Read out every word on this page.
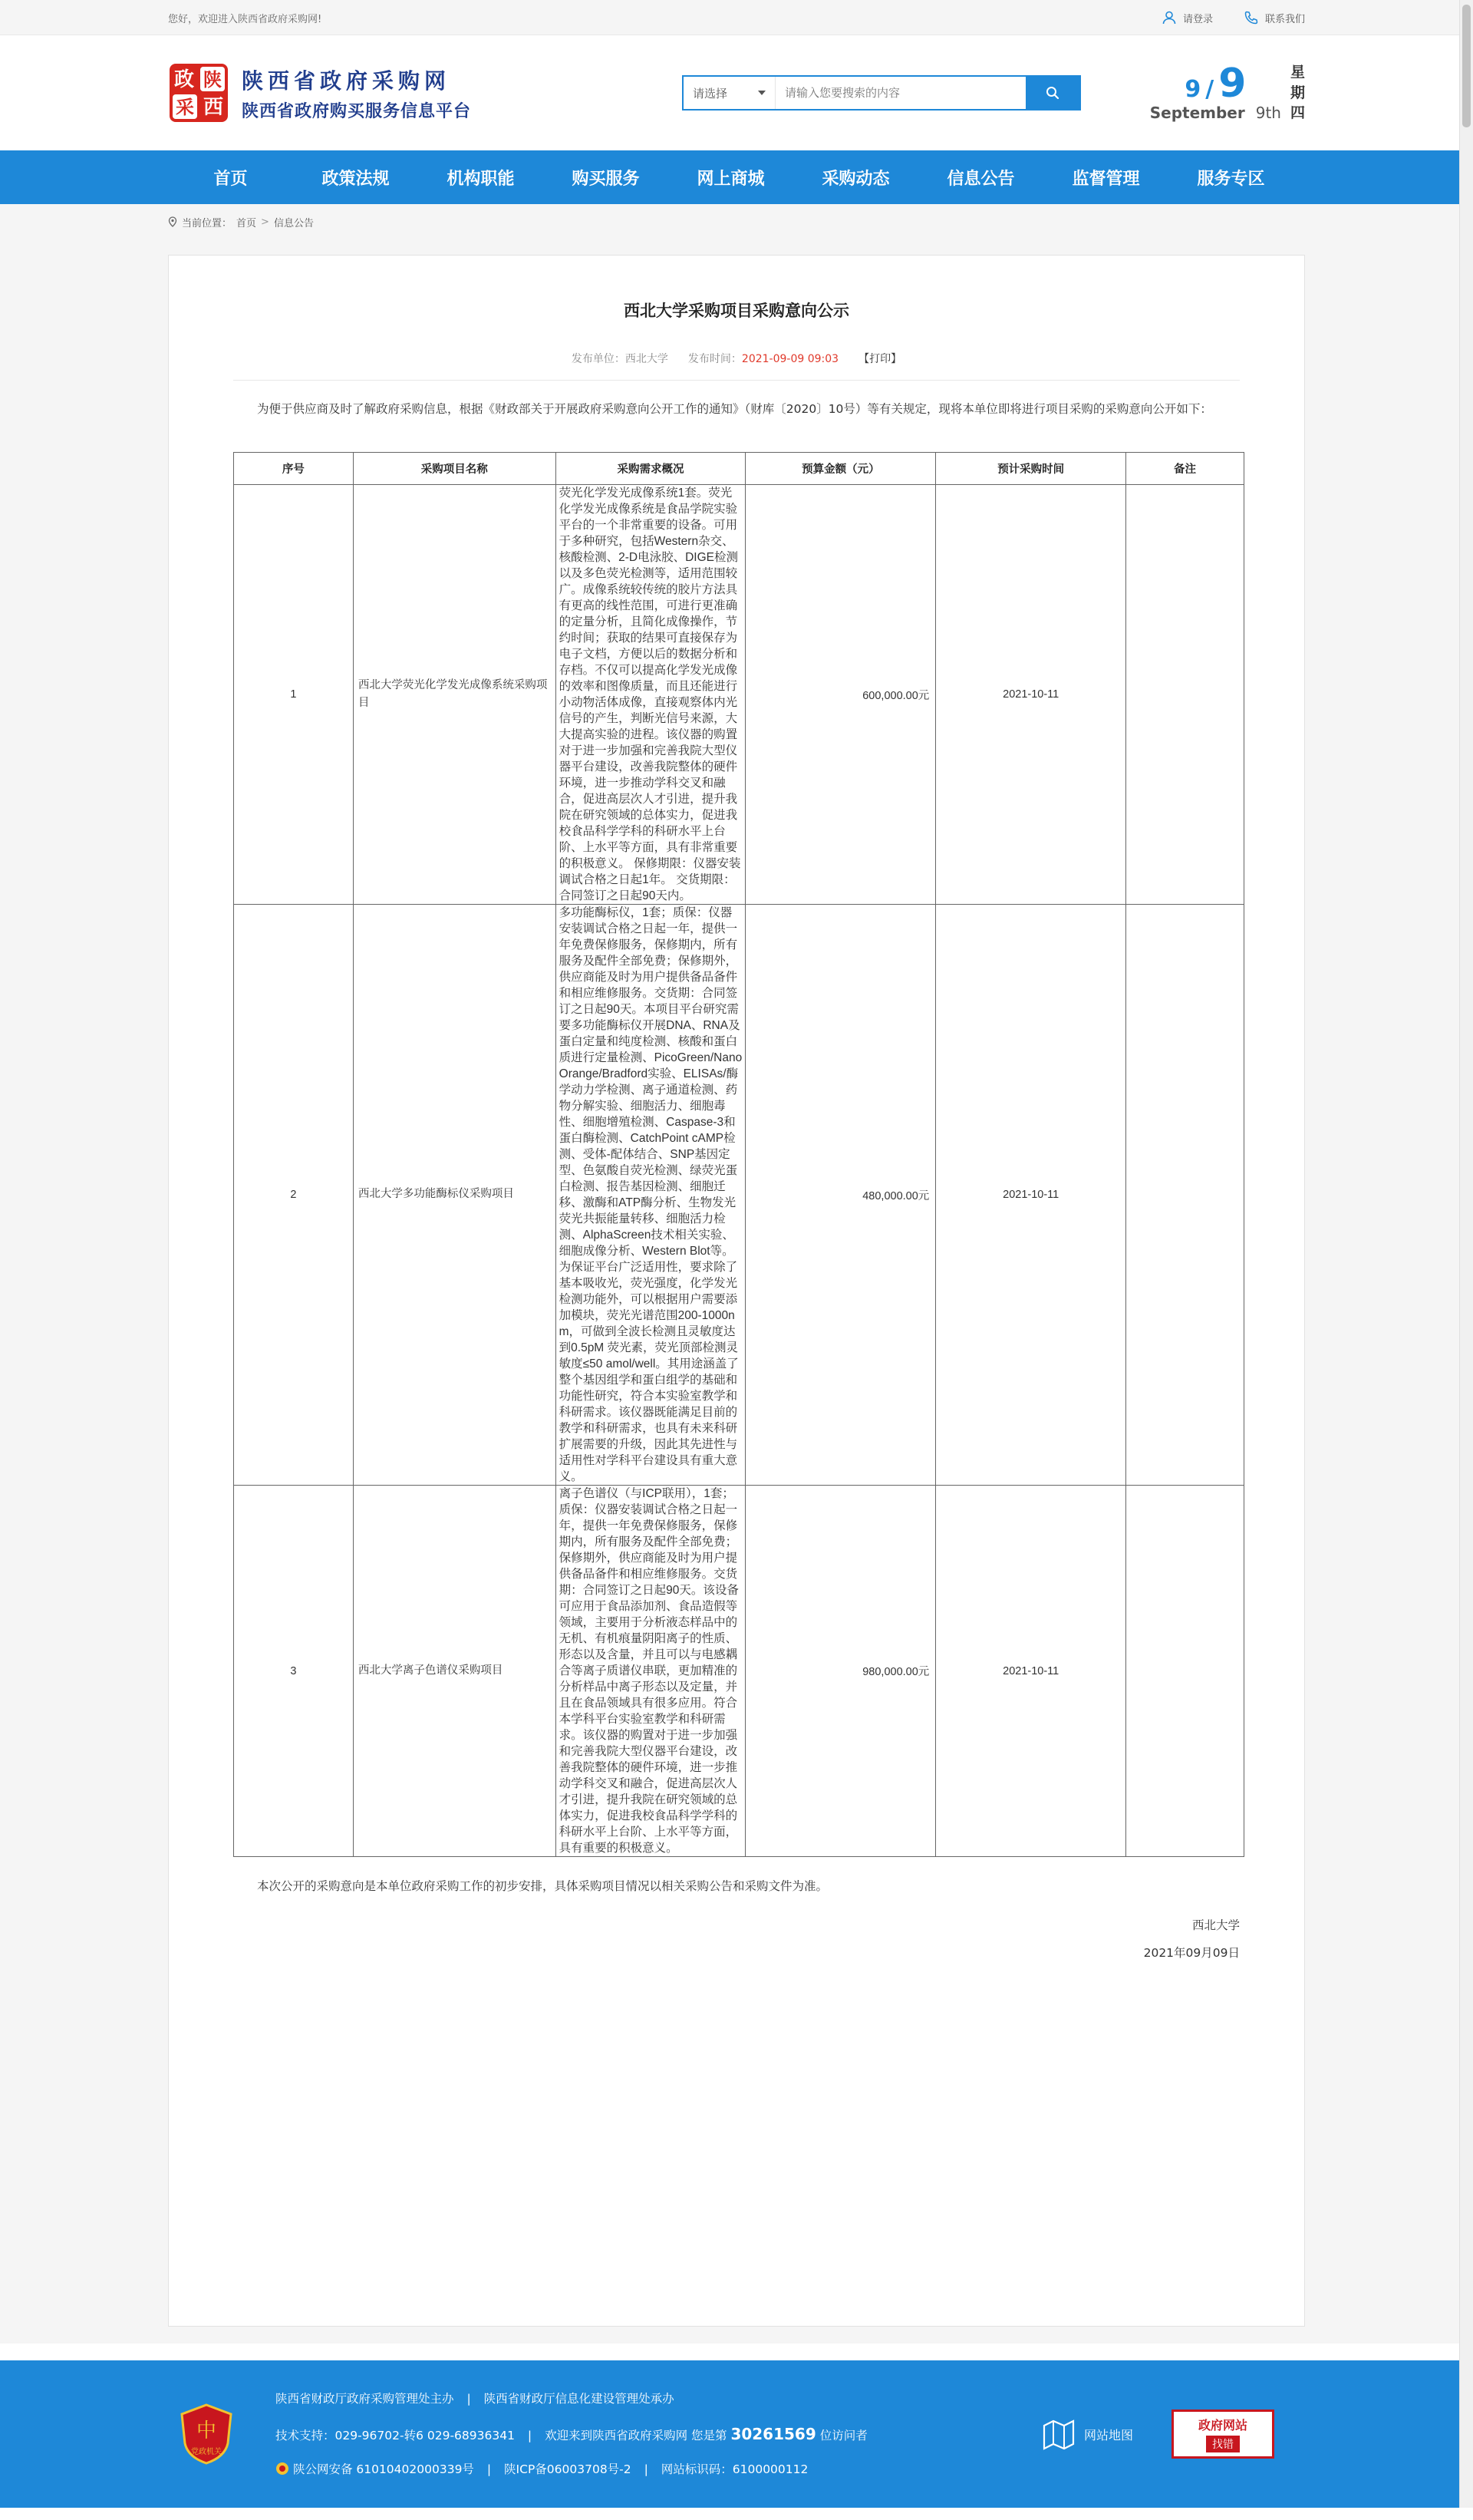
您好，欢迎进入陕西省政府采购网!	请登录	联系我们
政 陕
采 西
陕西省政府采购网
陕西省政府购买服务信息平台
请选择
请输入您要搜索的内容	9 / 9
September 9th
星
期
四
首页	政策法规	机构职能	购买服务	网上商城	采购动态	信息公告	监督管理	服务专区
当前位置： 首页 > 信息公告
西北大学采购项目采购意向公示
发布单位：西北大学 发布时间：2021-09-09 09:03 【打印】

为便于供应商及时了解政府采购信息，根据《财政部关于开展政府采购意向公开工作的通知》（财库〔2020〕10号）等有关规定，现将本单位即将进行项目采购的采购意向公开如下：

序号	采购项目名称	采购需求概况	预算金额（元）	预计采购时间	备注
1	西北大学荧光化学发光成像系统采购项目	荧光化学发光成像系统1套。荧光化学发光成像系统是食品学院实验平台的一个非常重要的设备。可用于多种研究，包括Western杂交、核酸检测、2-D电泳胶、DIGE检测以及多色荧光检测等，适用范围较广。成像系统较传统的胶片方法具有更高的线性范围，可进行更准确的定量分析，且简化成像操作，节约时间；获取的结果可直接保存为电子文档，方便以后的数据分析和存档。不仅可以提高化学发光成像的效率和图像质量，而且还能进行小动物活体成像，直接观察体内光信号的产生，判断光信号来源，大大提高实验的进程。该仪器的购置对于进一步加强和完善我院大型仪器平台建设，改善我院整体的硬件环境，进一步推动学科交叉和融合，促进高层次人才引进，提升我院在研究领域的总体实力，促进我校食品科学学科的科研水平上台阶、上水平等方面，具有非常重要的积极意义。 保修期限：仪器安装调试合格之日起1年。 交货期限：合同签订之日起90天内。	600,000.00元	2021-10-11	
2	西北大学多功能酶标仪采购项目	多功能酶标仪，1套；质保：仪器安装调试合格之日起一年，提供一年免费保修服务，保修期内，所有服务及配件全部免费；保修期外，供应商能及时为用户提供备品备件和相应维修服务。交货期：合同签订之日起90天。本项目平台研究需要多功能酶标仪开展DNA、RNA及蛋白定量和纯度检测、核酸和蛋白质进行定量检测、PicoGreen/NanoOrange/Bradford实验、ELISAs/酶学动力学检测、离子通道检测、药物分解实验、细胞活力、细胞毒性、细胞增殖检测、Caspase-3和蛋白酶检测、CatchPoint cAMP检测、受体-配体结合、SNP基因定型、色氨酸自荧光检测、绿荧光蛋白检测、报告基因检测、细胞迁移、激酶和ATP酶分析、生物发光荧光共振能量转移、细胞活力检测、AlphaScreen技术相关实验、细胞成像分析、Western Blot等。为保证平台广泛适用性，要求除了基本吸收光，荧光强度，化学发光检测功能外，可以根据用户需要添加模块，荧光光谱范围200-1000nm，可做到全波长检测且灵敏度达到0.5pM 荧光素，荧光顶部检测灵敏度≤50 amol/well。其用途涵盖了整个基因组学和蛋白组学的基础和功能性研究，符合本实验室教学和科研需求。该仪器既能满足目前的教学和科研需求，也具有未来科研扩展需要的升级，因此其先进性与适用性对学科平台建设具有重大意义。	480,000.00元	2021-10-11	
3	西北大学离子色谱仪采购项目	离子色谱仪（与ICP联用），1套；质保：仪器安装调试合格之日起一年，提供一年免费保修服务，保修期内，所有服务及配件全部免费；保修期外，供应商能及时为用户提供备品备件和相应维修服务。交货期：合同签订之日起90天。该设备可应用于食品添加剂、食品造假等领域，主要用于分析液态样品中的无机、有机痕量阴阳离子的性质、形态以及含量，并且可以与电感耦合等离子质谱仪串联，更加精准的分析样品中离子形态以及定量，并且在食品领域具有很多应用。符合本学科平台实验室教学和科研需求。该仪器的购置对于进一步加强和完善我院大型仪器平台建设，改善我院整体的硬件环境，进一步推动学科交叉和融合，促进高层次人才引进，提升我院在研究领域的总体实力，促进我校食品科学学科的科研水平上台阶、上水平等方面，具有重要的积极意义。	980,000.00元	2021-10-11	

本次公开的采购意向是本单位政府采购工作的初步安排，具体采购项目情况以相关采购公告和采购文件为准。

西北大学
2021年09月09日
中
党政机关
陕西省财政厅政府采购管理处主办 | 陕西省财政厅信息化建设管理处承办
技术支持：029-96702-转6 029-68936341 | 欢迎来到陕西省政府采购网 您是第 30261569 位访问者
陕公网安备 61010402000339号 | 陕ICP备06003708号-2 | 网站标识码：6100000112
网站地图
政府网站
找错
